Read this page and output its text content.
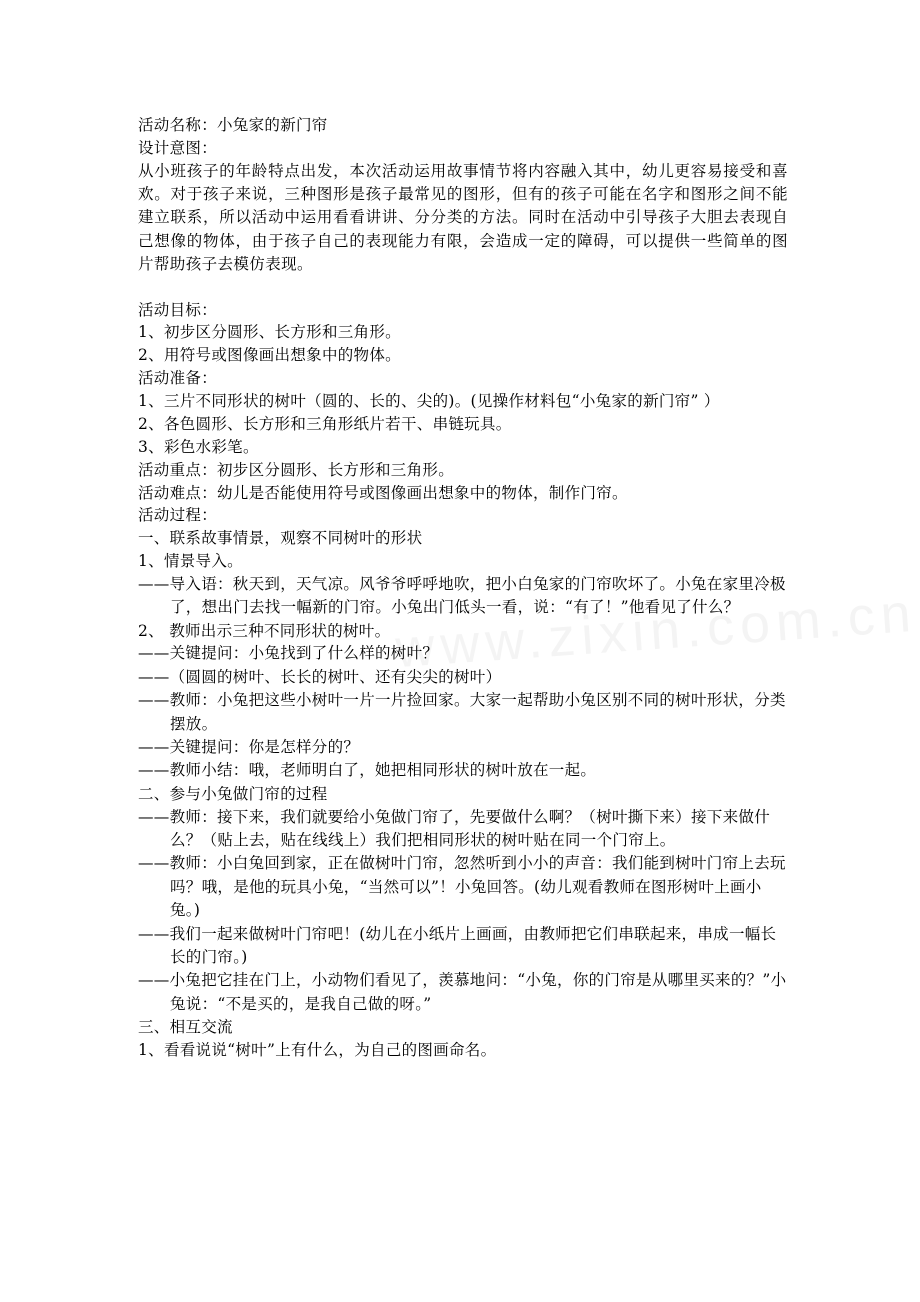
活动名称：小兔家的新门帘
设计意图：
从小班孩子的年龄特点出发，本次活动运用故事情节将内容融入其中，幼儿更容易接受和喜欢。对于孩子来说，三种图形是孩子最常见的图形，但有的孩子可能在名字和图形之间不能建立联系，所以活动中运用看看讲讲、分分类的方法。同时在活动中引导孩子大胆去表现自己想像的物体，由于孩子自己的表现能力有限，会造成一定的障碍，可以提供一些简单的图片帮助孩子去模仿表现。
活动目标：
1、初步区分圆形、长方形和三角形。
2、用符号或图像画出想象中的物体。
活动准备：
1、三片不同形状的树叶（圆的、长的、尖的)。(见操作材料包“小兔家的新门帘” ）
2、各色圆形、长方形和三角形纸片若干、串链玩具。
3、彩色水彩笔。
活动重点：初步区分圆形、长方形和三角形。
活动难点：幼儿是否能使用符号或图像画出想象中的物体，制作门帘。
活动过程：
一、联系故事情景，观察不同树叶的形状
1、情景导入。
——导入语：秋天到，天气凉。风爷爷呼呼地吹，把小白兔家的门帘吹坏了。小兔在家里冷极了，想出门去找一幅新的门帘。小兔出门低头一看，说：“有了！”他看见了什么？
2、 教师出示三种不同形状的树叶。
——关键提问：小兔找到了什么样的树叶？
——（圆圆的树叶、长长的树叶、还有尖尖的树叶）
——教师：小兔把这些小树叶一片一片捡回家。大家一起帮助小兔区别不同的树叶形状，分类摆放。
——关键提问：你是怎样分的？
——教师小结：哦，老师明白了，她把相同形状的树叶放在一起。
二、参与小兔做门帘的过程
——教师：接下来，我们就要给小兔做门帘了，先要做什么啊？（树叶撕下来）接下来做什么？（贴上去，贴在线线上）我们把相同形状的树叶贴在同一个门帘上。
——教师：小白兔回到家，正在做树叶门帘，忽然听到小小的声音：我们能到树叶门帘上去玩吗？哦，是他的玩具小兔，“当然可以”！小兔回答。(幼儿观看教师在图形树叶上画小兔。)
——我们一起来做树叶门帘吧！(幼儿在小纸片上画画，由教师把它们串联起来，串成一幅长长的门帘。)
——小兔把它挂在门上，小动物们看见了，羡慕地问：“小兔，你的门帘是从哪里买来的？”小兔说：“不是买的，是我自己做的呀。”
三、相互交流
1、看看说说“树叶”上有什么，为自己的图画命名。
